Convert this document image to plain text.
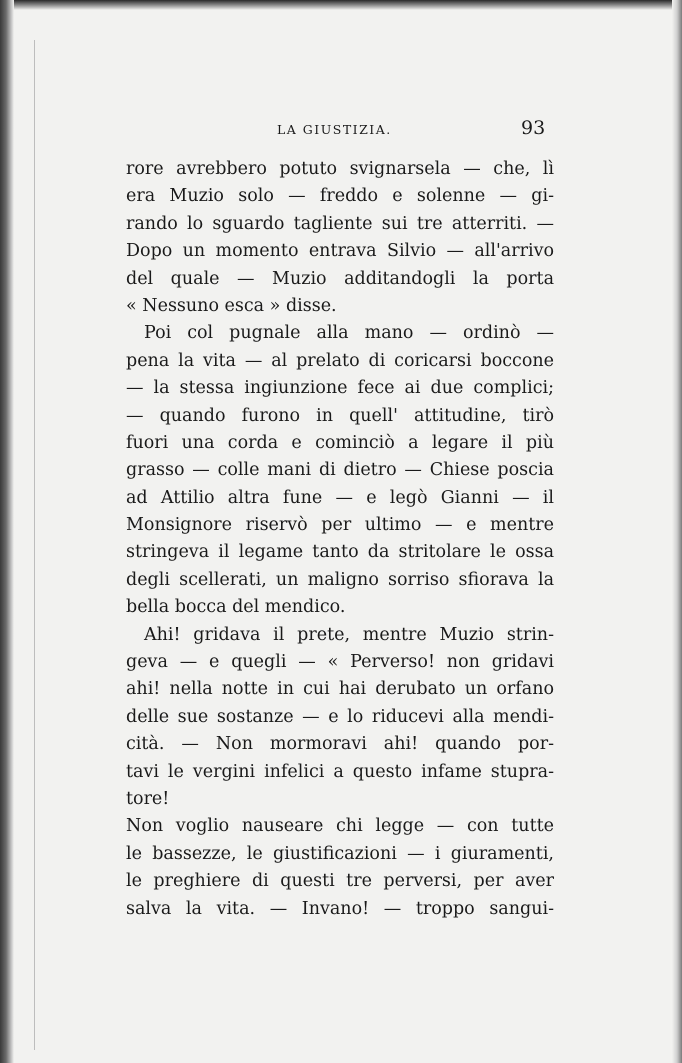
LA GIUSTIZIA.	93
rore avrebbero potuto svignarsela — che, lì
era Muzio solo — freddo e solenne — gi-
rando lo sguardo tagliente sui tre atterriti. —
Dopo un momento entrava Silvio — all'arrivo
del quale — Muzio additandogli la porta
« Nessuno esca » disse.
Poi col pugnale alla mano — ordinò —
pena la vita — al prelato di coricarsi boccone
— la stessa ingiunzione fece ai due complici;
— quando furono in quell' attitudine, tirò
fuori una corda e cominciò a legare il più
grasso — colle mani di dietro — Chiese poscia
ad Attilio altra fune — e legò Gianni — il
Monsignore riservò per ultimo — e mentre
stringeva il legame tanto da stritolare le ossa
degli scellerati, un maligno sorriso sfiorava la
bella bocca del mendico.
Ahi! gridava il prete, mentre Muzio strin-
geva — e quegli — « Perverso! non gridavi
ahi! nella notte in cui hai derubato un orfano
delle sue sostanze — e lo riducevi alla mendi-
cità. — Non mormoravi ahi! quando por-
tavi le vergini infelici a questo infame stupra-
tore!
Non voglio nauseare chi legge — con tutte
le bassezze, le giustificazioni — i giuramenti,
le preghiere di questi tre perversi, per aver
salva la vita. — Invano! — troppo sangui-
